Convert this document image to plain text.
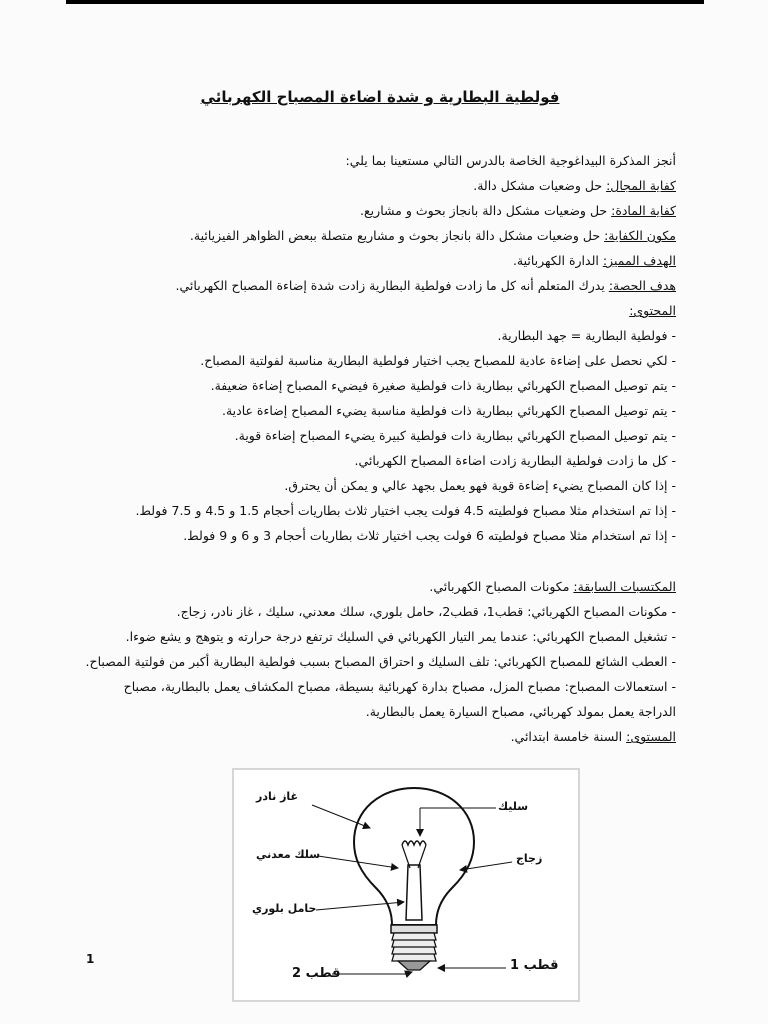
فولطية البطارية و شدة اضاءة المصباح الكهربائي
أنجز المذكرة البيداغوجية الخاصة بالدرس التالي مستعينا بما يلي:
كفاية المجال: حل وضعيات مشكل دالة.
كفاية المادة: حل وضعيات مشكل دالة بانجاز بحوث و مشاريع.
مكون الكفاية: حل وضعيات مشكل دالة بانجاز بحوث و مشاريع متصلة ببعض الظواهر الفيزيائية.
الهدف المميز: الدارة الكهربائية.
هدف الحصة: يدرك المتعلم أنه كل ما زادت فولطية البطارية زادت شدة إضاءة المصباح الكهربائي.
المحتوى:
- فولطية البطارية = جهد البطارية.
- لكي نحصل على إضاءة عادية للمصباح يجب اختيار فولطية البطارية مناسبة لفولتية المصباح.
- يتم توصيل المصباح الكهربائي ببطارية ذات فولطية صغيرة فيضيء المصباح إضاءة ضعيفة.
- يتم توصيل المصباح الكهربائي ببطارية ذات فولطية مناسبة يضيء المصباح إضاءة عادية.
- يتم توصيل المصباح الكهربائي ببطارية ذات فولطية كبيرة يضيء المصباح إضاءة قوية.
- كل ما زادت فولطية البطارية زادت اضاءة المصباح الكهربائي.
- إذا كان المصباح يضيء إضاءة قوية فهو يعمل بجهد عالي و يمكن أن يحترق.
- إذا تم استخدام مثلا مصباح فولطيته 4.5 فولت يجب اختيار ثلاث بطاريات أحجام 1.5 و 4.5 و 7.5 فولط.
- إذا تم استخدام مثلا مصباح فولطيته 6 فولت يجب اختيار ثلاث بطاريات أحجام 3 و 6 و 9 فولط.
المكتسبات السابقة: مكونات المصباح الكهربائي.
- مكونات المصباح الكهربائي: قطب1، قطب2، حامل بلوري، سلك معدني، سليك ، غاز نادر، زجاج.
- تشغيل المصباح الكهربائي: عندما يمر التيار الكهربائي في السليك ترتفع درجة حرارته و يتوهج و يشع ضوءا.
- العطب الشائع للمصباح الكهربائي: تلف السليك و احتراق المصباح بسبب فولطية البطارية أكبر من فولتية المصباح.
- استعمالات المصباح: مصباح المزل، مصباح بدارة كهربائية بسيطة، مصباح المكشاف يعمل بالبطارية، مصباح
الدراجة يعمل بمولد كهربائي، مصباح السيارة يعمل بالبطارية.
المستوى: السنة خامسة ابتدائي.
غاز نادر
سليك
سلك معدني	زجاج
حامل بلوري
قطب 1
قطب 2
1
